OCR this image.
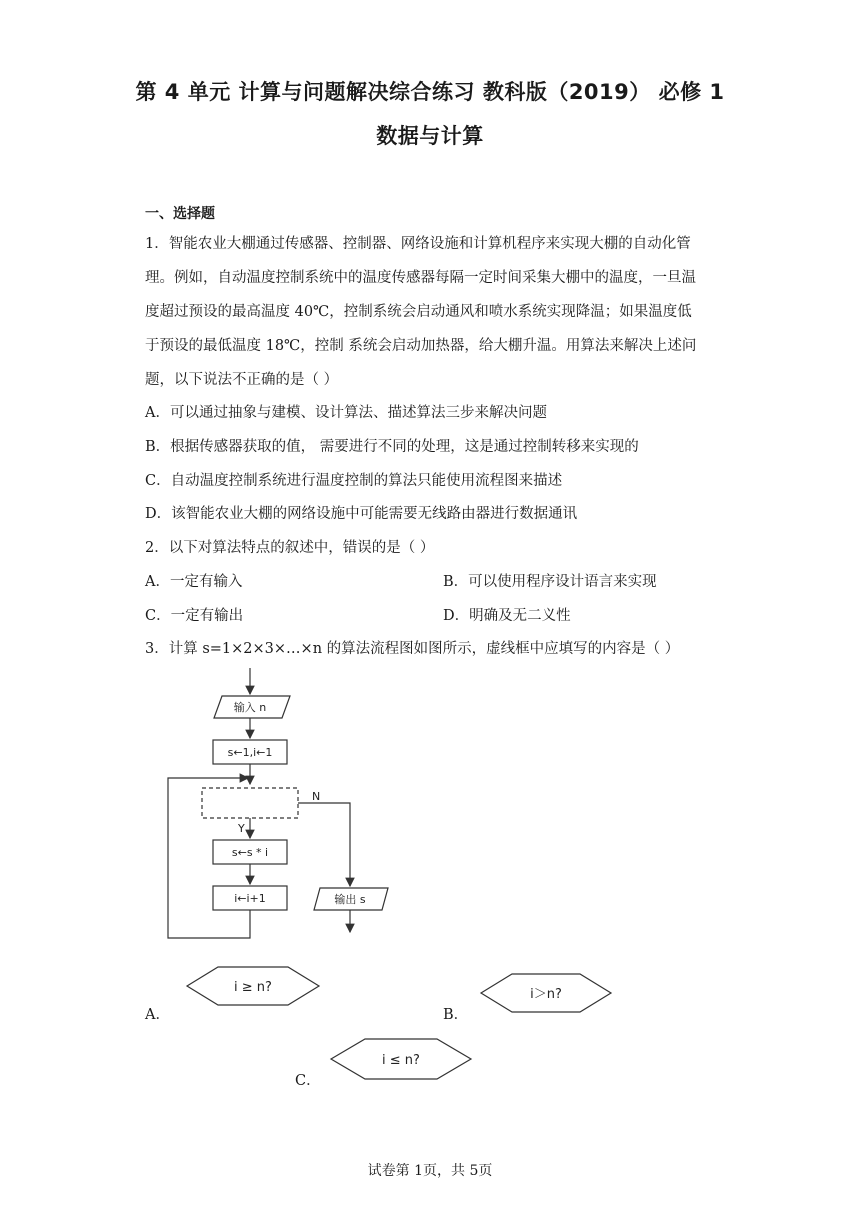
第 4 单元 计算与问题解决综合练习 教科版（2019） 必修 1
数据与计算
一、选择题
1．智能农业大棚通过传感器、控制器、网络设施和计算机程序来实现大棚的自动化管
理。例如，自动温度控制系统中的温度传感器每隔一定时间采集大棚中的温度，一旦温
度超过预设的最高温度 40℃，控制系统会启动通风和喷水系统实现降温；如果温度低
于预设的最低温度 18℃，控制 系统会启动加热器，给大棚升温。用算法来解决上述问
题，以下说法不正确的是（ ）
A．可以通过抽象与建模、设计算法、描述算法三步来解决问题
B．根据传感器获取的值， 需要进行不同的处理，这是通过控制转移来实现的
C．自动温度控制系统进行温度控制的算法只能使用流程图来描述
D．该智能农业大棚的网络设施中可能需要无线路由器进行数据通讯
2．以下对算法特点的叙述中，错误的是（ ）
A．一定有输入	B．可以使用程序设计语言来实现
C．一定有输出	D．明确及无二义性
3．计算 s=1×2×3×…×n 的算法流程图如图所示，虚线框中应填写的内容是（ ）
输入 n
s←1,i←1
N
Y
s←s * i
i←i+1	输出 s
A．
i ≥ n?
B．
i＞n?
C．
i ≤ n?
试卷第 1页，共 5页
